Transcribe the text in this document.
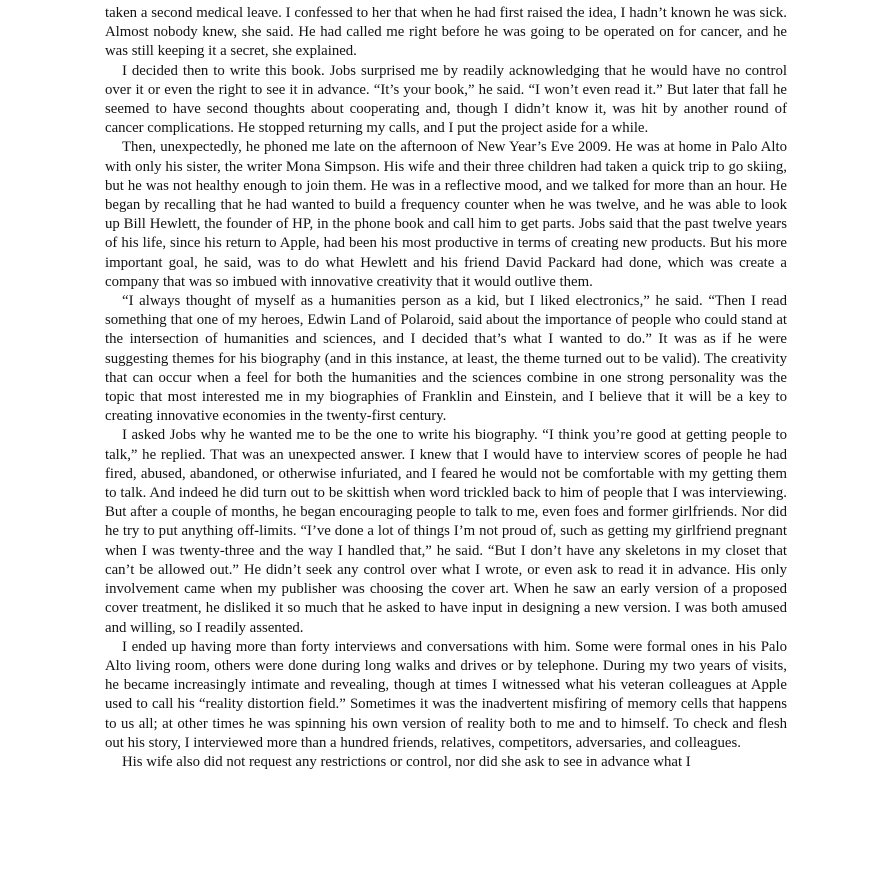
taken a second medical leave. I confessed to her that when he had first raised the idea, I hadn’t known he was sick. Almost nobody knew, she said. He had called me right before he was going to be operated on for cancer, and he was still keeping it a secret, she explained.

I decided then to write this book. Jobs surprised me by readily acknowledging that he would have no control over it or even the right to see it in advance. “It’s your book,” he said. “I won’t even read it.” But later that fall he seemed to have second thoughts about cooperating and, though I didn’t know it, was hit by another round of cancer complications. He stopped returning my calls, and I put the project aside for a while.

Then, unexpectedly, he phoned me late on the afternoon of New Year’s Eve 2009. He was at home in Palo Alto with only his sister, the writer Mona Simpson. His wife and their three children had taken a quick trip to go skiing, but he was not healthy enough to join them. He was in a reflective mood, and we talked for more than an hour. He began by recalling that he had wanted to build a frequency counter when he was twelve, and he was able to look up Bill Hewlett, the founder of HP, in the phone book and call him to get parts. Jobs said that the past twelve years of his life, since his return to Apple, had been his most productive in terms of creating new products. But his more important goal, he said, was to do what Hewlett and his friend David Packard had done, which was create a company that was so imbued with innovative creativity that it would outlive them.

“I always thought of myself as a humanities person as a kid, but I liked electronics,” he said. “Then I read something that one of my heroes, Edwin Land of Polaroid, said about the importance of people who could stand at the intersection of humanities and sciences, and I decided that’s what I wanted to do.” It was as if he were suggesting themes for his biography (and in this instance, at least, the theme turned out to be valid). The creativity that can occur when a feel for both the humanities and the sciences combine in one strong personality was the topic that most interested me in my biographies of Franklin and Einstein, and I believe that it will be a key to creating innovative economies in the twenty-first century.

I asked Jobs why he wanted me to be the one to write his biography. “I think you’re good at getting people to talk,” he replied. That was an unexpected answer. I knew that I would have to interview scores of people he had fired, abused, abandoned, or otherwise infuriated, and I feared he would not be comfortable with my getting them to talk. And indeed he did turn out to be skittish when word trickled back to him of people that I was interviewing. But after a couple of months, he began encouraging people to talk to me, even foes and former girlfriends. Nor did he try to put anything off-limits. “I’ve done a lot of things I’m not proud of, such as getting my girlfriend pregnant when I was twenty-three and the way I handled that,” he said. “But I don’t have any skeletons in my closet that can’t be allowed out.” He didn’t seek any control over what I wrote, or even ask to read it in advance. His only involvement came when my publisher was choosing the cover art. When he saw an early version of a proposed cover treatment, he disliked it so much that he asked to have input in designing a new version. I was both amused and willing, so I readily assented.

I ended up having more than forty interviews and conversations with him. Some were formal ones in his Palo Alto living room, others were done during long walks and drives or by telephone. During my two years of visits, he became increasingly intimate and revealing, though at times I witnessed what his veteran colleagues at Apple used to call his “reality distortion field.” Sometimes it was the inadvertent misfiring of memory cells that happens to us all; at other times he was spinning his own version of reality both to me and to himself. To check and flesh out his story, I interviewed more than a hundred friends, relatives, competitors, adversaries, and colleagues.

His wife also did not request any restrictions or control, nor did she ask to see in advance what I
